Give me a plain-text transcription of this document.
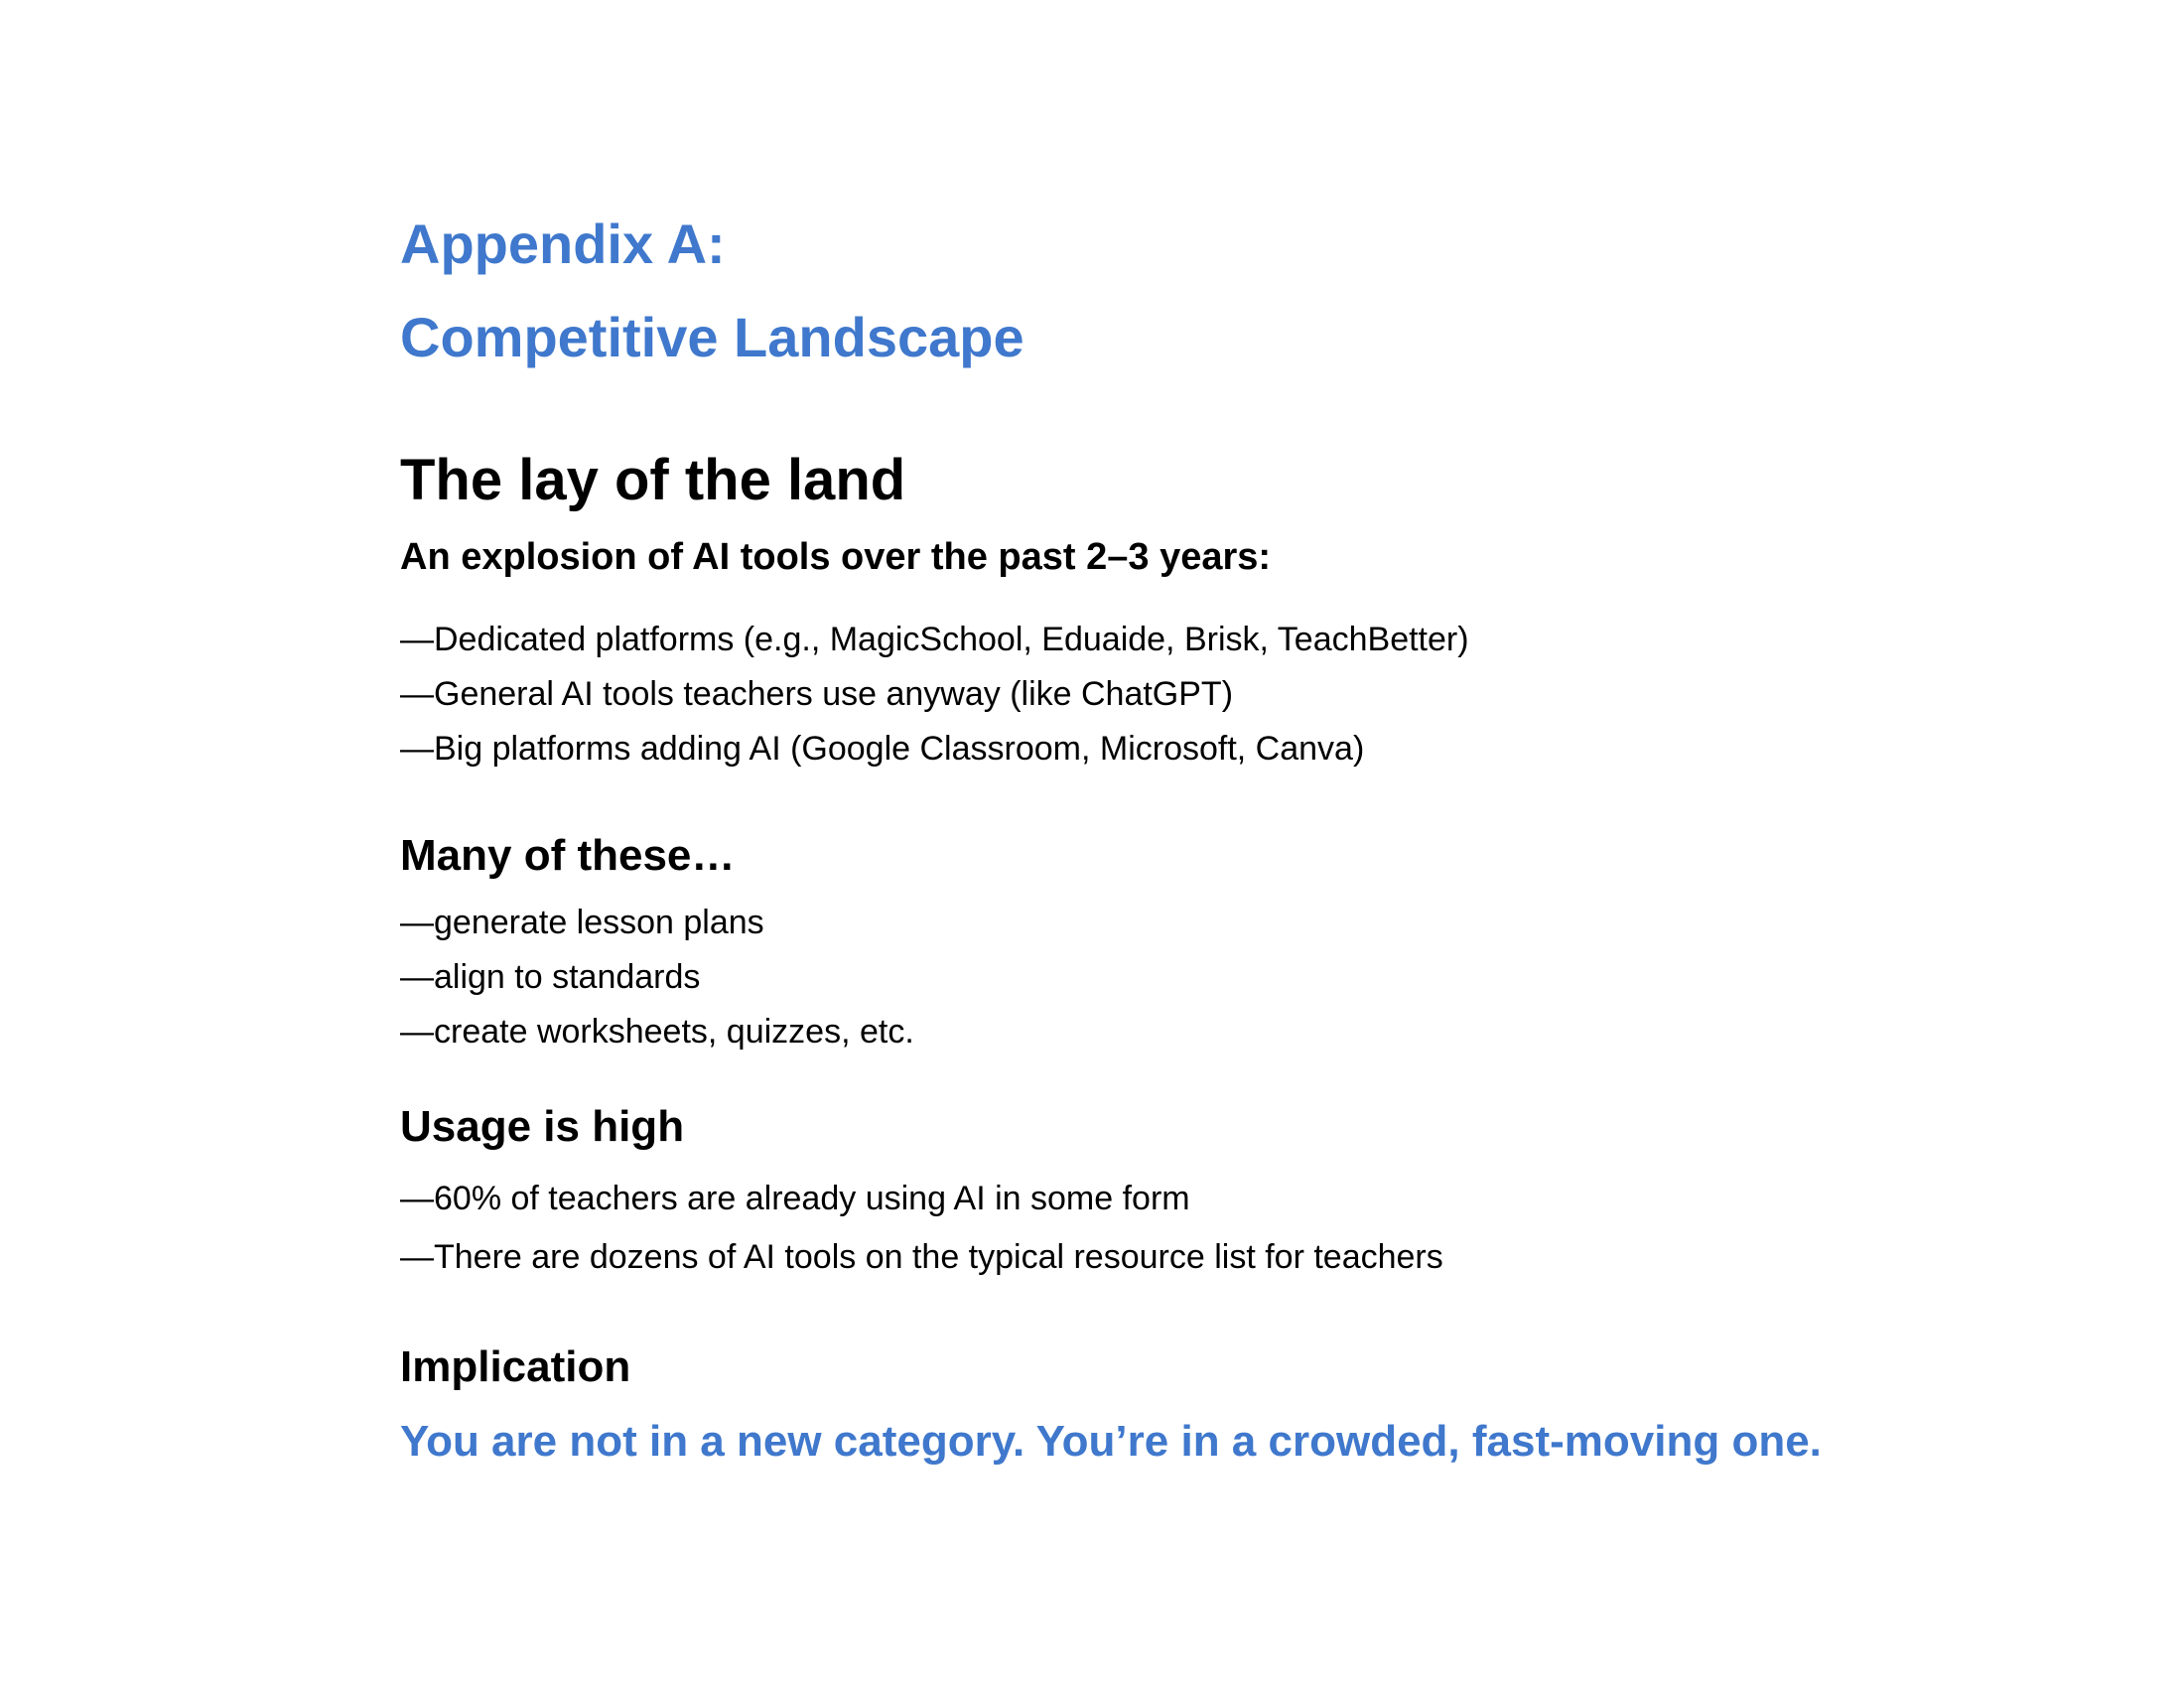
Appendix A:
Competitive Landscape
The lay of the land

An explosion of AI tools over the past 2–3 years:

—Dedicated platforms (e.g., MagicSchool, Eduaide, Brisk, TeachBetter)
—General AI tools teachers use anyway (like ChatGPT)
—Big platforms adding AI (Google Classroom, Microsoft, Canva)
Many of these…
—generate lesson plans
—align to standards
—create worksheets, quizzes, etc.
Usage is high
—60% of teachers are already using AI in some form
—There are dozens of AI tools on the typical resource list for teachers
Implication

You are not in a new category. You’re in a crowded, fast-moving one.
